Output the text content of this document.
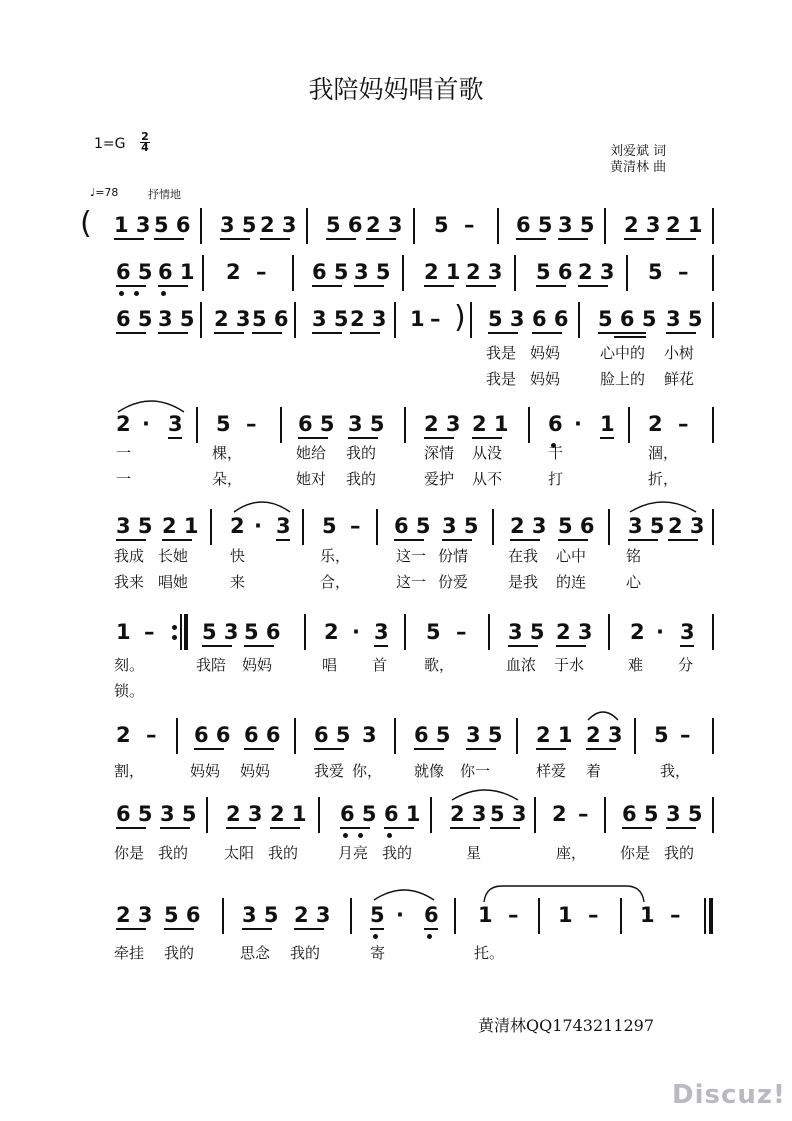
我陪妈妈唱首歌
$1=G \frac{2}{4}$	刘爱斌 词
黄清林 曲
♩=78	抒情地
( 1 3 5 6 3 5 2 3 5 6 2 3 5 – 6 5 3 5 2 3 2 1
6 5 6 1 2 – 6 5 3 5 2 1 2 3 5 6 2 3 5 –
6 5 3 5 2 3 5 6 3 5 2 3 1 – ) 5 3 6 6 5 6 5 3 5
我是 妈妈	心中的 小树
我是 妈妈	脸上的 鲜花
2 · 3 5 – 6 5 3 5 2 3 2 1 6 · 1 2 –
一	棵，	她给 我的	深情 从没	干	涸，
一	朵，	她对 我的	爱护 从不	打	折，
3 5 2 1 2 · 3 5 – 6 5 3 5 2 3 5 6 3 5 2 3
我成 长她	快	乐，	这一 份情	在我 心中	铭
我来 唱她	来	合，	这一 份爱	是我 的连	心
1 – 5 3 5 6 2 · 3 5 – 3 5 2 3 2 · 3
刻。	我陪 妈妈	唱 首 歌，	血浓 于水	难 分
锁。
2 – 6 6 6 6 6 5 3 6 5 3 5 2 1 2 3 5 –
割，	妈妈 妈妈	我爱 你， 就像 你一	样爱 着	我，
6 5 3 5 2 3 2 1 6 5 6 1 2 3 5 3 2 – 6 5 3 5
你是 我的 太阳 我的	月亮 我的	星	座， 你是 我的
2 3 5 6 3 5 2 3 5 · 6 1 – 1 – 1 –
牵挂 我的	思念 我的	寄	托。
黄清林QQ1743211297
Discuz!
